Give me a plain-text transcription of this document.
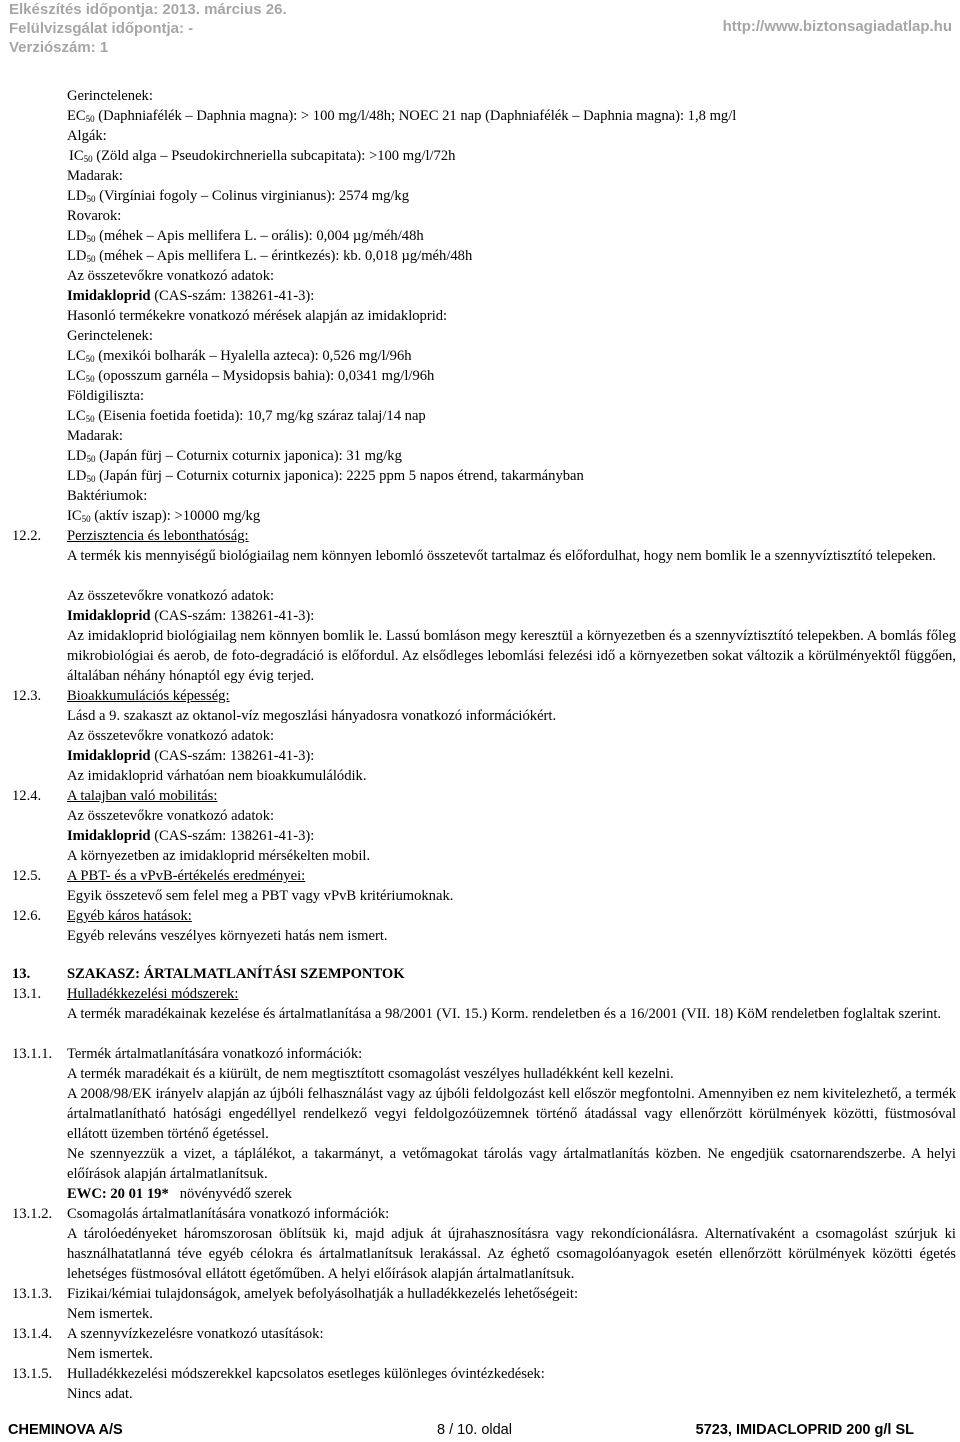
Elkészítés időpontja: 2013. március 26.
Felülvizsgálat időpontja: -
Verziószám: 1
http://www.biztonsagiadatlap.hu
Gerinctelenek:
$EC_{50}$ (Daphniafélék ‒ Daphnia magna): > 100 mg/l/48h; NOEC 21 nap (Daphniafélék ‒ Daphnia magna): 1,8 mg/l
Algák:
$IC_{50}$ (Zöld alga ‒ Pseudokirchneriella subcapitata): >100 mg/l/72h
Madarak:
$LD_{50}$ (Virgíniai fogoly ‒ Colinus virginianus): 2574 mg/kg
Rovarok:
$LD_{50}$ (méhek ‒ Apis mellifera L. ‒ orális): 0,004 µg/méh/48h
$LD_{50}$ (méhek ‒ Apis mellifera L. ‒ érintkezés): kb. 0,018 µg/méh/48h
Az összetevőkre vonatkozó adatok:
Imidakloprid (CAS-szám: 138261-41-3):
Hasonló termékekre vonatkozó mérések alapján az imidakloprid:
Gerinctelenek:
$LC_{50}$ (mexikói bolharák ‒ Hyalella azteca): 0,526 mg/l/96h
$LC_{50}$ (oposszum garnéla ‒ Mysidopsis bahia): 0,0341 mg/l/96h
Földigiliszta:
$LC_{50}$ (Eisenia foetida foetida): 10,7 mg/kg száraz talaj/14 nap
Madarak:
$LD_{50}$ (Japán fürj ‒ Coturnix coturnix japonica): 31 mg/kg
$LD_{50}$ (Japán fürj ‒ Coturnix coturnix japonica): 2225 ppm 5 napos étrend, takarmányban
Baktériumok:
$IC_{50}$ (aktív iszap): >10000 mg/kg
12.2. Perzisztencia és lebonthatóság:
A termék kis mennyiségű biológiailag nem könnyen lebomló összetevőt tartalmaz és előfordulhat, hogy nem bomlik le a szennyvíztisztító telepeken.
Az összetevőkre vonatkozó adatok:
Imidakloprid (CAS-szám: 138261-41-3):
Az imidakloprid biológiailag nem könnyen bomlik le. Lassú bomláson megy keresztül a környezetben és a szennyvíztisztító telepekben. A bomlás főleg mikrobiológiai és aerob, de foto-degradáció is előfordul. Az elsődleges lebomlási felezési idő a környezetben sokat változik a körülményektől függően, általában néhány hónaptól egy évig terjed.
12.3. Bioakkumulációs képesség:
Lásd a 9. szakaszt az oktanol-víz megoszlási hányadosra vonatkozó információkért.
Az összetevőkre vonatkozó adatok:
Imidakloprid (CAS-szám: 138261-41-3):
Az imidakloprid várhatóan nem bioakkumulálódik.
12.4. A talajban való mobilitás:
Az összetevőkre vonatkozó adatok:
Imidakloprid (CAS-szám: 138261-41-3):
A környezetben az imidakloprid mérsékelten mobil.
12.5. A PBT- és a vPvB-értékelés eredményei:
Egyik összetevő sem felel meg a PBT vagy vPvB kritériumoknak.
12.6. Egyéb káros hatások:
Egyéb releváns veszélyes környezeti hatás nem ismert.
13.	SZAKASZ: ÁRTALMATLANÍTÁSI SZEMPONTOK
13.1. Hulladékkezelési módszerek:
A termék maradékainak kezelése és ártalmatlanítása a 98/2001 (VI. 15.) Korm. rendeletben és a 16/2001 (VII. 18) KöM rendeletben foglaltak szerint.
13.1.1. Termék ártalmatlanítására vonatkozó információk:
A termék maradékait és a kiürült, de nem megtisztított csomagolást veszélyes hulladékként kell kezelni.
A 2008/98/EK irányelv alapján az újbóli felhasználást vagy az újbóli feldolgozást kell először megfontolni. Amennyiben ez nem kivitelezhető, a termék ártalmatlanítható hatósági engedéllyel rendelkező vegyi feldolgozóüzemnek történő átadással vagy ellenőrzött körülmények közötti, füstmosóval ellátott üzemben történő égetéssel.
Ne szennyezzük a vizet, a táplálékot, a takarmányt, a vetőmagokat tárolás vagy ártalmatlanítás közben. Ne engedjük csatornarendszerbe. A helyi előírások alapján ártalmatlanítsuk.
EWC: 20 01 19* növényvédő szerek
13.1.2. Csomagolás ártalmatlanítására vonatkozó információk:
A tárolóedényeket háromszorosan öblítsük ki, majd adjuk át újrahasznosításra vagy rekondícionálásra. Alternatívaként a csomagolást szúrjuk ki használhatatlanná téve egyéb célokra és ártalmatlanítsuk lerakással. Az éghető csomagolóanyagok esetén ellenőrzött körülmények közötti égetés lehetséges füstmosóval ellátott égetőműben. A helyi előírások alapján ártalmatlanítsuk.
13.1.3. Fizikai/kémiai tulajdonságok, amelyek befolyásolhatják a hulladékkezelés lehetőségeit:
Nem ismertek.
13.1.4. A szennyvízkezelésre vonatkozó utasítások:
Nem ismertek.
13.1.5. Hulladékkezelési módszerekkel kapcsolatos esetleges különleges óvintézkedések:
Nincs adat.
CHEMINOVA A/S	8 / 10. oldal	5723, IMIDACLOPRID 200 g/l SL
